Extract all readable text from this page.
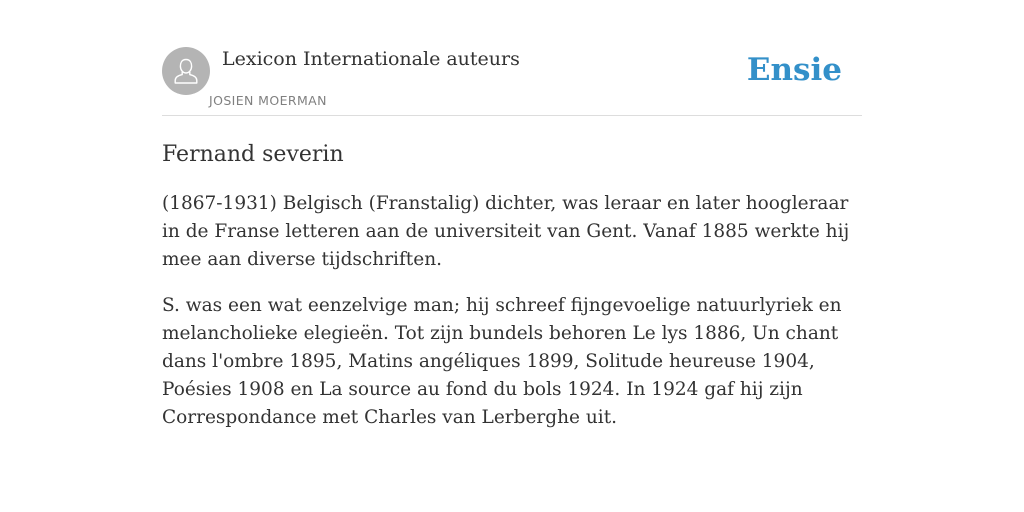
Lexicon Internationale auteurs
JOSIEN MOERMAN
Ensie
Fernand severin

(1867-1931) Belgisch (Franstalig) dichter, was leraar en later hoogleraar in de Franse letteren aan de universiteit van Gent. Vanaf 1885 werkte hij mee aan diverse tijdschriften.

S. was een wat eenzelvige man; hij schreef fijngevoelige natuurlyriek en melancholieke elegieën. Tot zijn bundels behoren Le lys 1886, Un chant dans l'ombre 1895, Matins angéliques 1899, Solitude heureuse 1904, Poésies 1908 en La source au fond du bols 1924. In 1924 gaf hij zijn Correspondance met Charles van Lerberghe uit.
